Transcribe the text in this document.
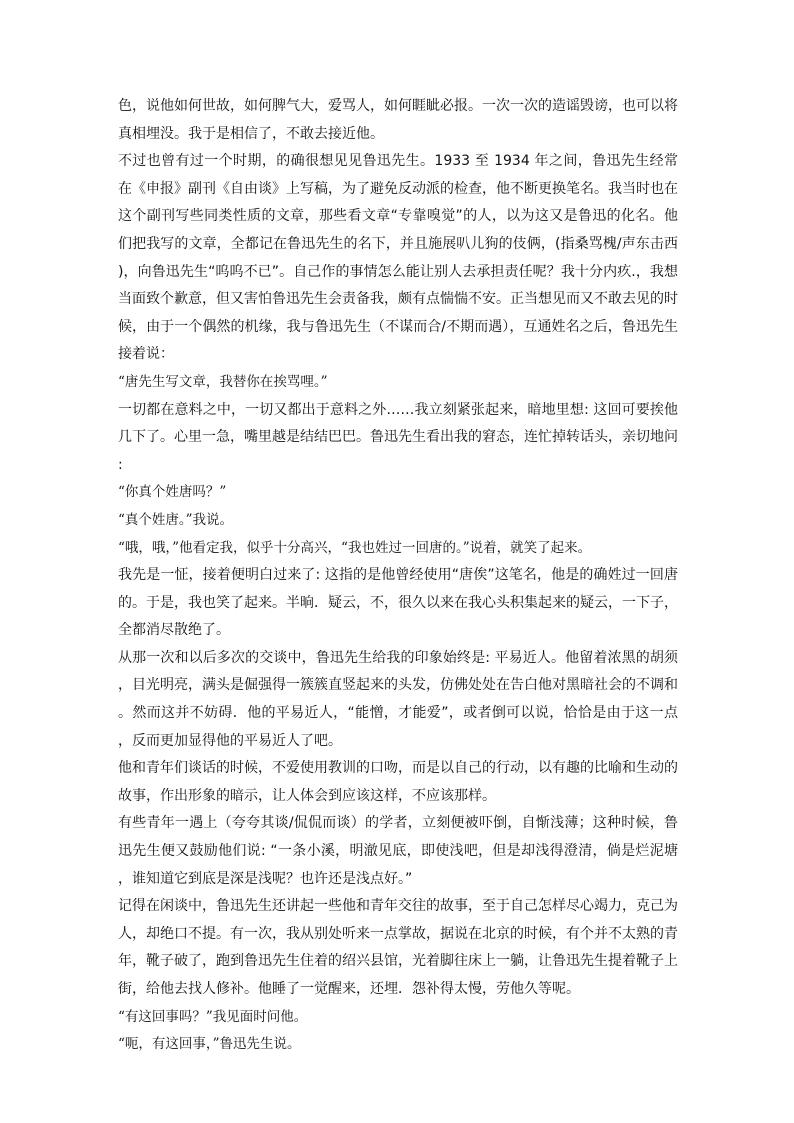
色，说他如何世故，如何脾气大，爱骂人，如何睚眦必报。一次一次的造谣毁谤，也可以将真相埋没。我于是相信了，不敢去接近他。

不过也曾有过一个时期，的确很想见见鲁迅先生。1933 至 1934 年之间，鲁迅先生经常在《申报》副刊《自由谈》上写稿，为了避免反动派的检查，他不断更换笔名。我当时也在这个副刊写些同类性质的文章，那些看文章“专靠嗅觉”的人，以为这又是鲁迅的化名。他们把我写的文章，全都记在鲁迅先生的名下，并且施展叭儿狗的伎俩，(指桑骂槐/声东击西)，向鲁迅先生“呜呜不已”。自己作的事情怎么能让别人去承担责任呢？我十分内疚.，我想当面致个歉意，但又害怕鲁迅先生会责备我，颇有点惴惴不安。正当想见而又不敢去见的时候，由于一个偶然的机缘，我与鲁迅先生（不谋而合/不期而遇），互通姓名之后，鲁迅先生接着说：

“唐先生写文章，我替你在挨骂哩。”

一切都在意料之中，一切又都出于意料之外……我立刻紧张起来，暗地里想: 这回可要挨他几下了。心里一急，嘴里越是结结巴巴。鲁迅先生看出我的窘态，连忙掉转话头，亲切地问:

“你真个姓唐吗？”

“真个姓唐。”我说。

“哦，哦，”他看定我，似乎十分高兴，“我也姓过一回唐的。”说着，就笑了起来。

我先是一怔，接着便明白过来了: 这指的是他曾经使用“唐俟”这笔名，他是的确姓过一回唐的。于是，我也笑了起来。半晌．疑云，不，很久以来在我心头积集起来的疑云，一下子，全都消尽散绝了。

从那一次和以后多次的交谈中，鲁迅先生给我的印象始终是: 平易近人。他留着浓黑的胡须，目光明亮，满头是倔强得一簇簇直竖起来的头发，仿佛处处在告白他对黑暗社会的不调和。然而这并不妨碍．他的平易近人，“能憎，才能爱”，或者倒可以说，恰恰是由于这一点，反而更加显得他的平易近人了吧。

他和青年们谈话的时候，不爱使用教训的口吻，而是以自己的行动，以有趣的比喻和生动的故事，作出形象的暗示，让人体会到应该这样，不应该那样。

有些青年一遇上（夸夸其谈/侃侃而谈）的学者，立刻便被吓倒，自惭浅薄；这种时候，鲁迅先生便又鼓励他们说: “一条小溪，明澈见底，即使浅吧，但是却浅得澄清，倘是烂泥塘，谁知道它到底是深是浅呢？也许还是浅点好。”

记得在闲谈中，鲁迅先生还讲起一些他和青年交往的故事，至于自己怎样尽心竭力，克己为人，却绝口不提。有一次，我从别处听来一点掌故，据说在北京的时候，有个并不太熟的青年，靴子破了，跑到鲁迅先生住着的绍兴县馆，光着脚往床上一躺，让鲁迅先生提着靴子上街，给他去找人修补。他睡了一觉醒来，还埋．怨补得太慢，劳他久等呢。

“有这回事吗？”我见面时问他。

“呃，有这回事，”鲁迅先生说。
